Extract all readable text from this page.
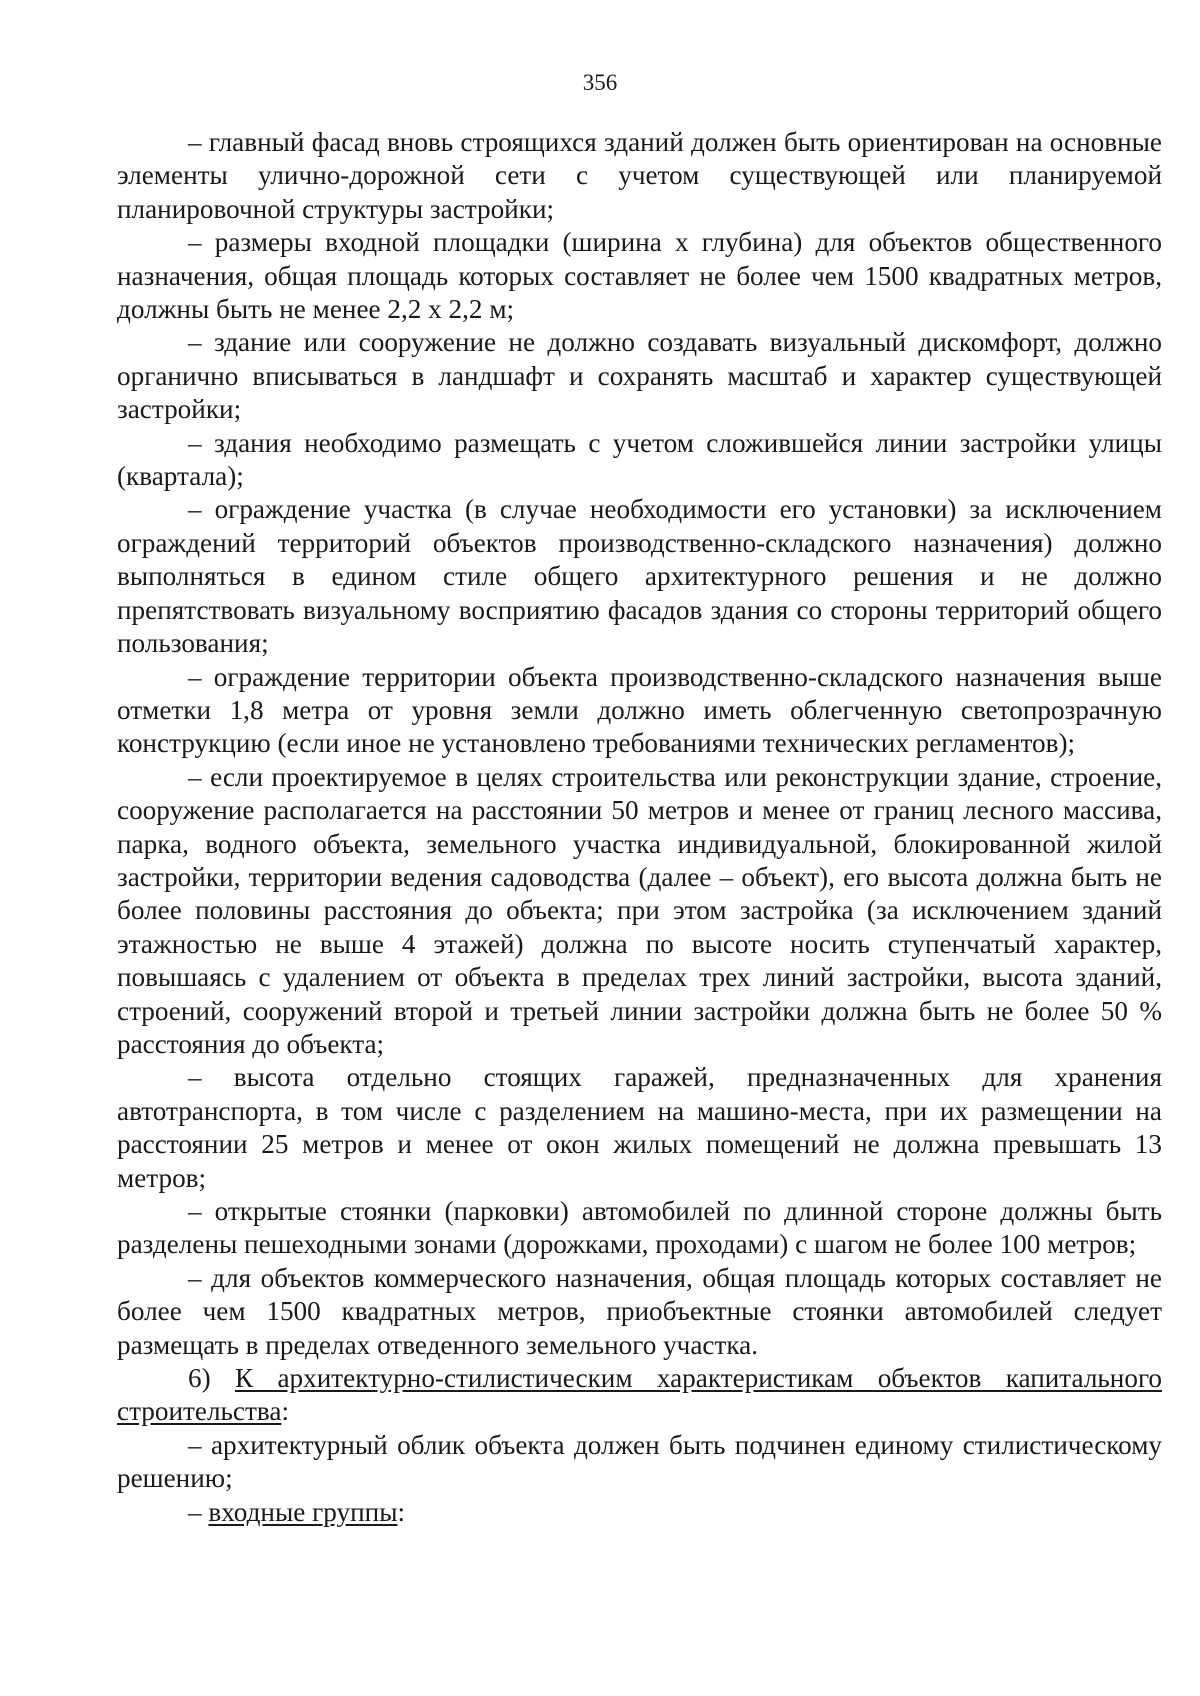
356

– главный фасад вновь строящихся зданий должен быть ориентирован на основные элементы улично-дорожной сети с учетом существующей или планируемой планировочной структуры застройки;

– размеры входной площадки (ширина х глубина) для объектов общественного назначения, общая площадь которых составляет не более чем 1500 квадратных метров, должны быть не менее 2,2 х 2,2 м;

– здание или сооружение не должно создавать визуальный дискомфорт, должно органично вписываться в ландшафт и сохранять масштаб и характер существующей застройки;

– здания необходимо размещать с учетом сложившейся линии застройки улицы (квартала);

– ограждение участка (в случае необходимости его установки) за исключением ограждений территорий объектов производственно-складского назначения) должно выполняться в едином стиле общего архитектурного решения и не должно препятствовать визуальному восприятию фасадов здания со стороны территорий общего пользования;

– ограждение территории объекта производственно-складского назначения выше отметки 1,8 метра от уровня земли должно иметь облегченную светопрозрачную конструкцию (если иное не установлено требованиями технических регламентов);

– если проектируемое в целях строительства или реконструкции здание, строение, сооружение располагается на расстоянии 50 метров и менее от границ лесного массива, парка, водного объекта, земельного участка индивидуальной, блокированной жилой застройки, территории ведения садоводства (далее – объект), его высота должна быть не более половины расстояния до объекта; при этом застройка (за исключением зданий этажностью не выше 4 этажей) должна по высоте носить ступенчатый характер, повышаясь с удалением от объекта в пределах трех линий застройки, высота зданий, строений, сооружений второй и третьей линии застройки должна быть не более 50 % расстояния до объекта;

– высота отдельно стоящих гаражей, предназначенных для хранения автотранспорта, в том числе с разделением на машино-места, при их размещении на расстоянии 25 метров и менее от окон жилых помещений не должна превышать 13 метров;

– открытые стоянки (парковки) автомобилей по длинной стороне должны быть разделены пешеходными зонами (дорожками, проходами) с шагом не более 100 метров;

– для объектов коммерческого назначения, общая площадь которых составляет не более чем 1500 квадратных метров, приобъектные стоянки автомобилей следует размещать в пределах отведенного земельного участка.

6) К архитектурно-стилистическим характеристикам объектов капитального строительства:

– архитектурный облик объекта должен быть подчинен единому стилистическому решению;

– входные группы:
